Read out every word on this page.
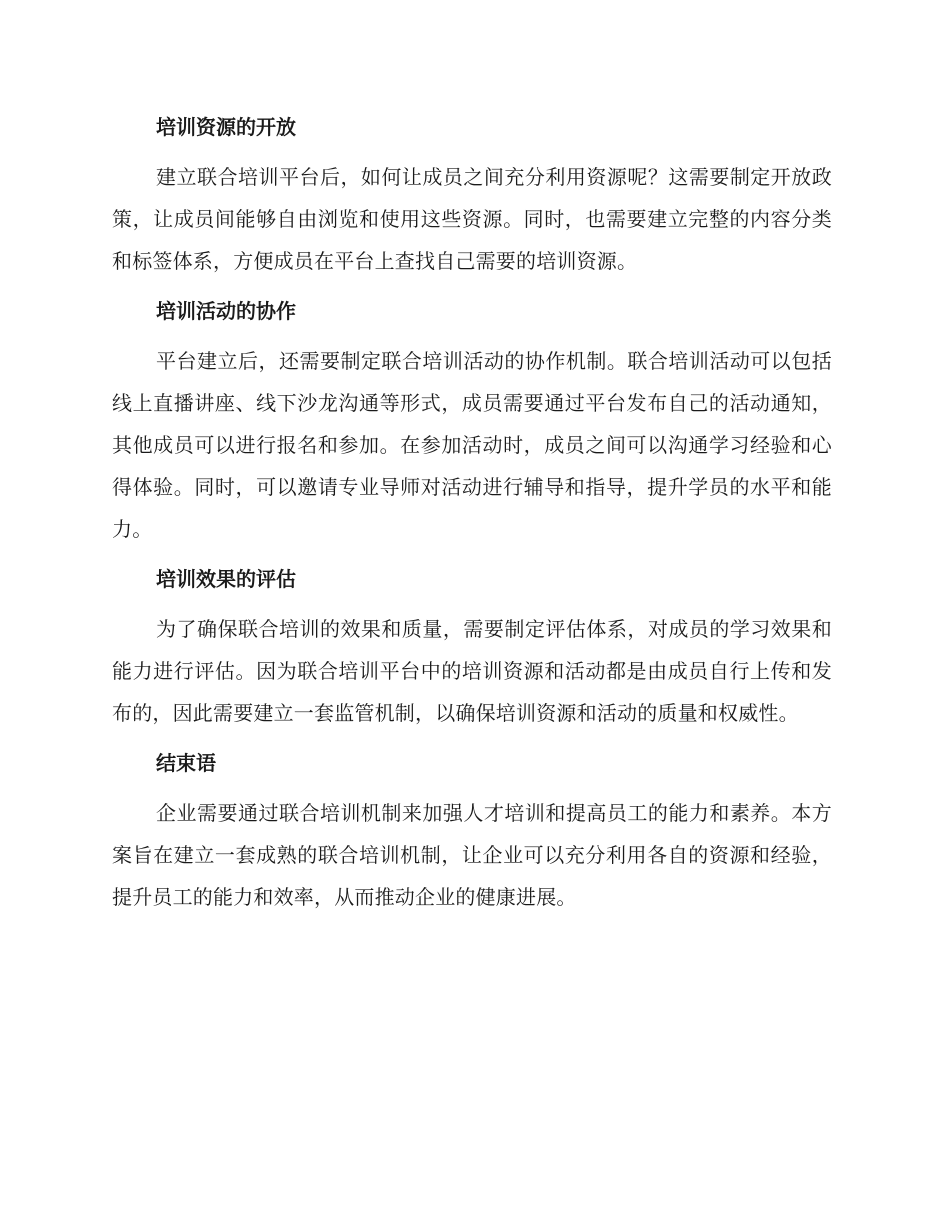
培训资源的开放

建立联合培训平台后，如何让成员之间充分利用资源呢？这需要制定开放政策，让成员间能够自由浏览和使用这些资源。同时，也需要建立完整的内容分类和标签体系，方便成员在平台上查找自己需要的培训资源。

培训活动的协作

平台建立后，还需要制定联合培训活动的协作机制。联合培训活动可以包括线上直播讲座、线下沙龙沟通等形式，成员需要通过平台发布自己的活动通知，其他成员可以进行报名和参加。在参加活动时，成员之间可以沟通学习经验和心得体验。同时，可以邀请专业导师对活动进行辅导和指导，提升学员的水平和能力。

培训效果的评估

为了确保联合培训的效果和质量，需要制定评估体系，对成员的学习效果和能力进行评估。因为联合培训平台中的培训资源和活动都是由成员自行上传和发布的，因此需要建立一套监管机制，以确保培训资源和活动的质量和权威性。

结束语

企业需要通过联合培训机制来加强人才培训和提高员工的能力和素养。本方案旨在建立一套成熟的联合培训机制，让企业可以充分利用各自的资源和经验，提升员工的能力和效率，从而推动企业的健康进展。
